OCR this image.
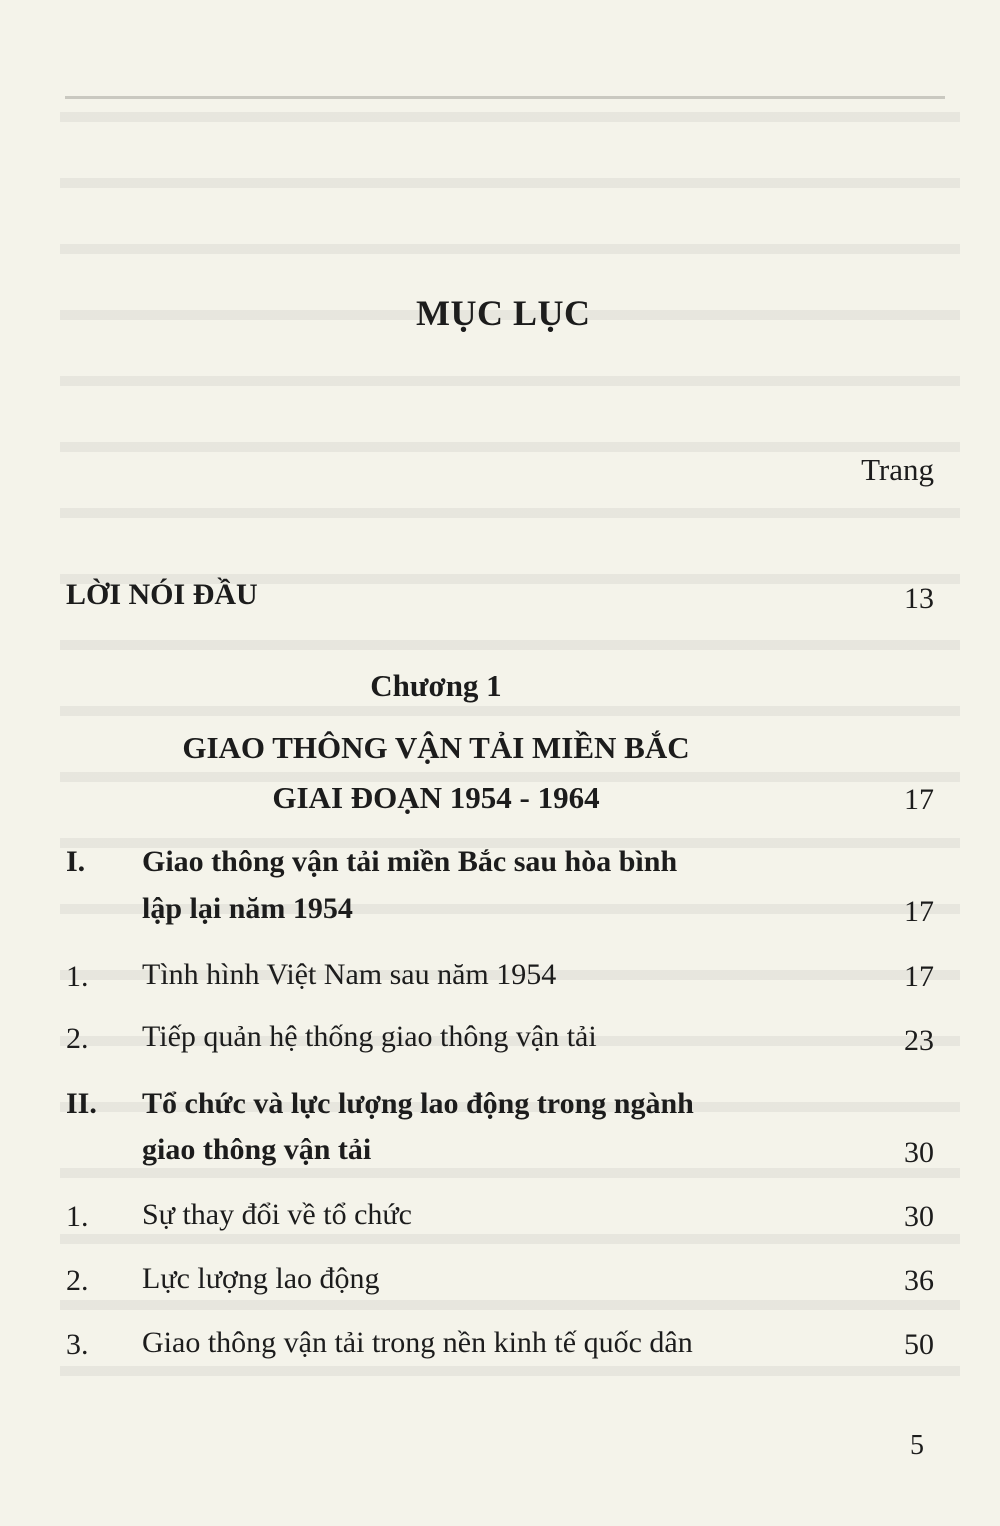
MỤC LỤC
Trang
LỜI NÓI ĐẦU	13
Chương 1
GIAO THÔNG VẬN TẢI MIỀN BẮC
GIAI ĐOẠN 1954 - 1964	17
I. Giao thông vận tải miền Bắc sau hòa bình
lập lại năm 1954	17
1. Tình hình Việt Nam sau năm 1954	17
2. Tiếp quản hệ thống giao thông vận tải	23
II. Tổ chức và lực lượng lao động trong ngành
giao thông vận tải	30
1. Sự thay đổi về tổ chức	30
2. Lực lượng lao động	36
3. Giao thông vận tải trong nền kinh tế quốc dân	50
5
